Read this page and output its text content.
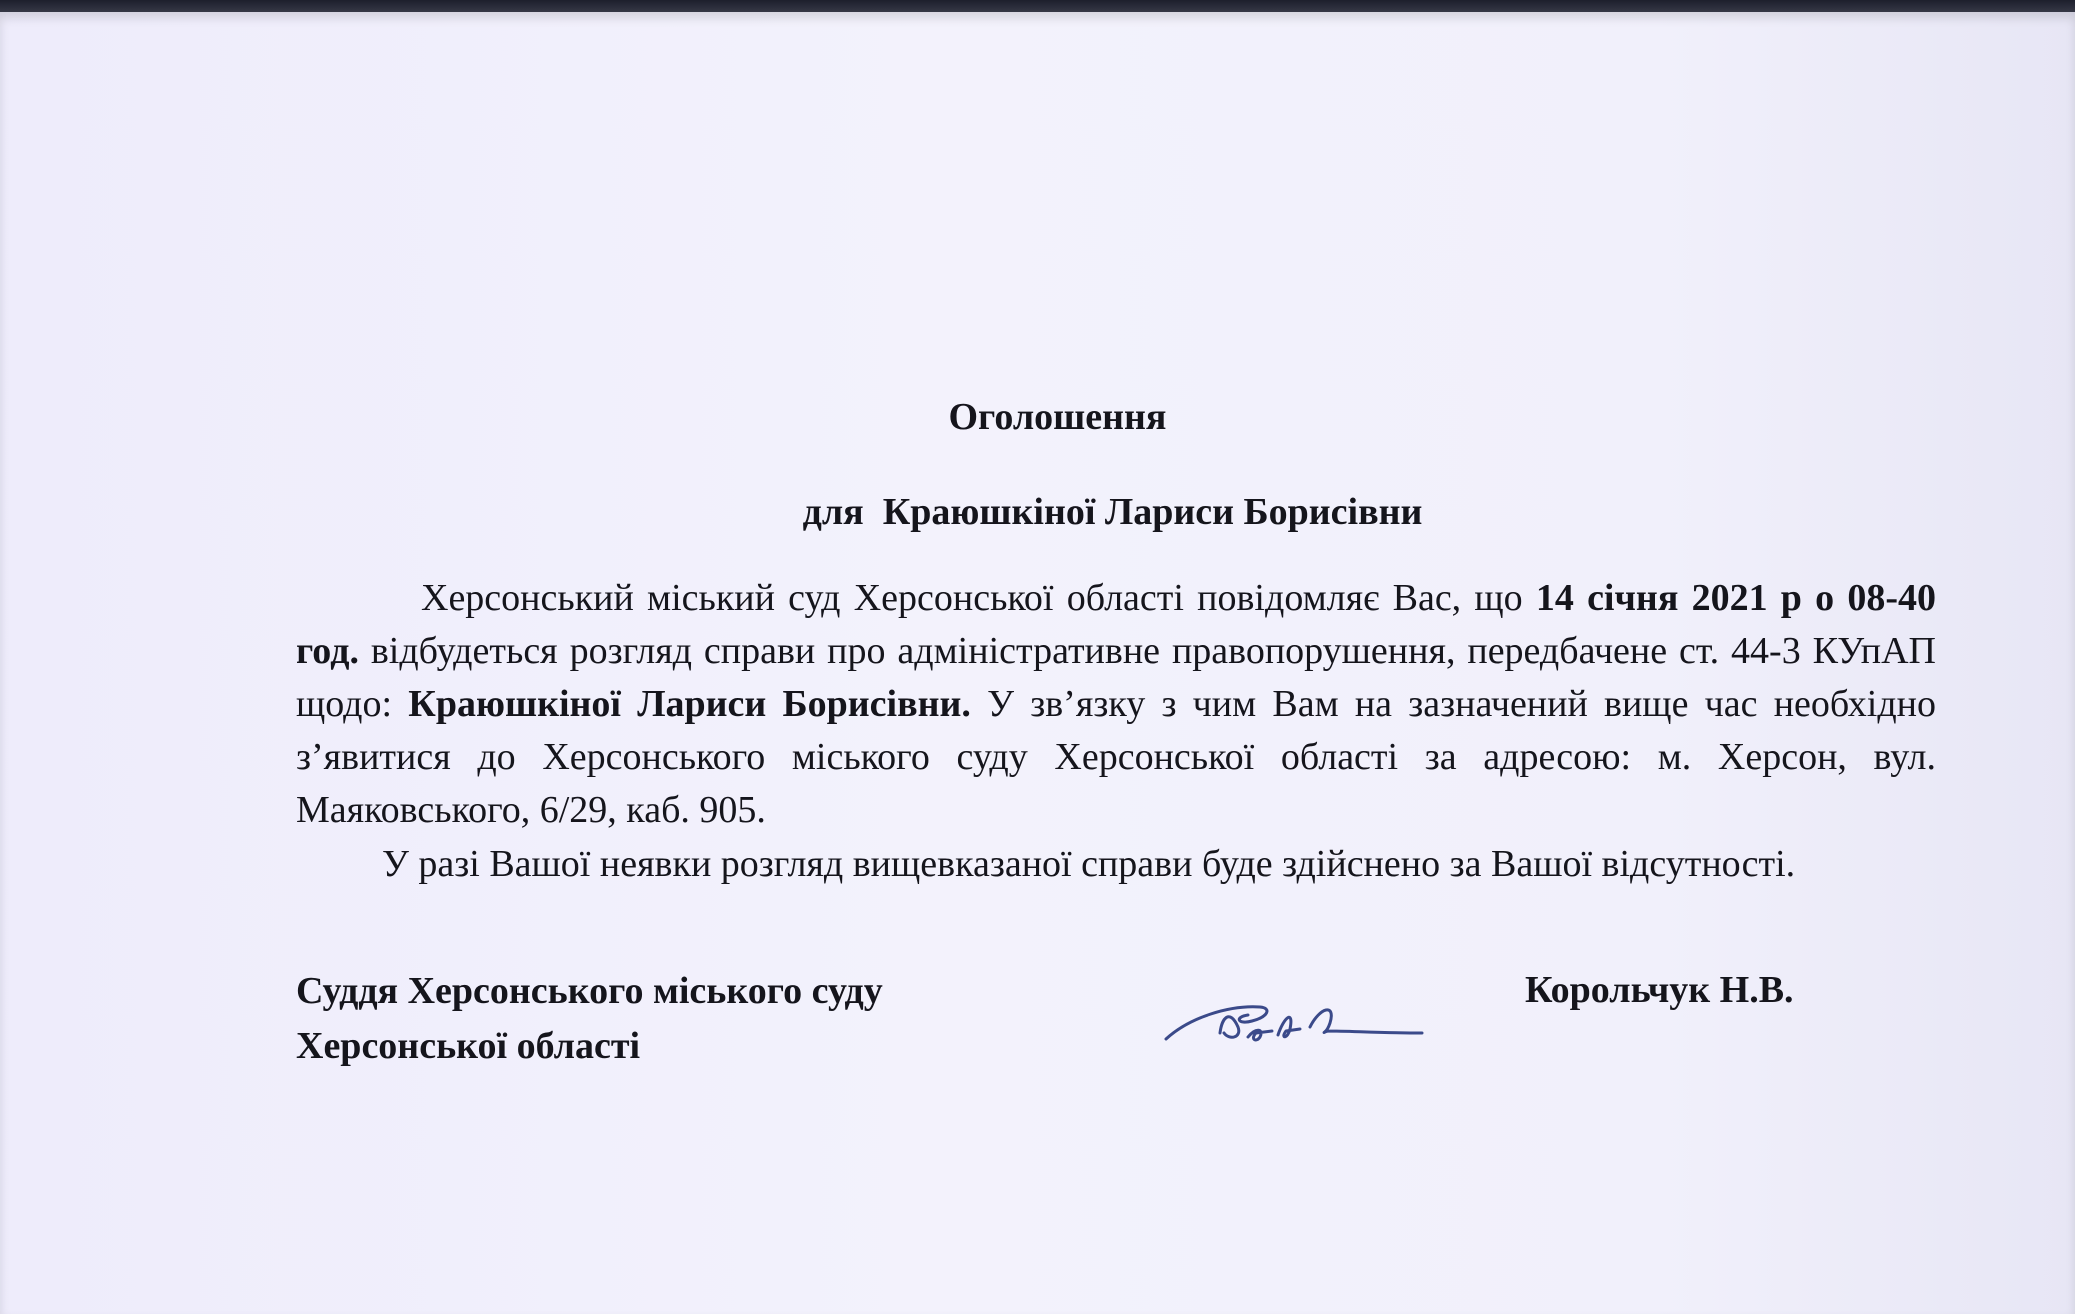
Оголошення
для  Краюшкіної Лариси Борисівни

Херсонський міський суд Херсонської області повідомляє Вас, що 14 січня 2021 р о 08-40 год. відбудеться розгляд справи про адміністративне правопорушення, передбачене ст. 44-3 КУпАП щодо: Краюшкіної Лариси Борисівни. У зв’язку з чим Вам на зазначений вище час необхідно з’явитися до Херсонського міського суду Херсонської області за адресою: м. Херсон, вул. Маяковського, 6/29, каб. 905.

У разі Вашої неявки розгляд вищевказаної справи буде здійснено за Вашої відсутності.

Суддя Херсонського міського суду
Херсонської області
Корольчук Н.В.
